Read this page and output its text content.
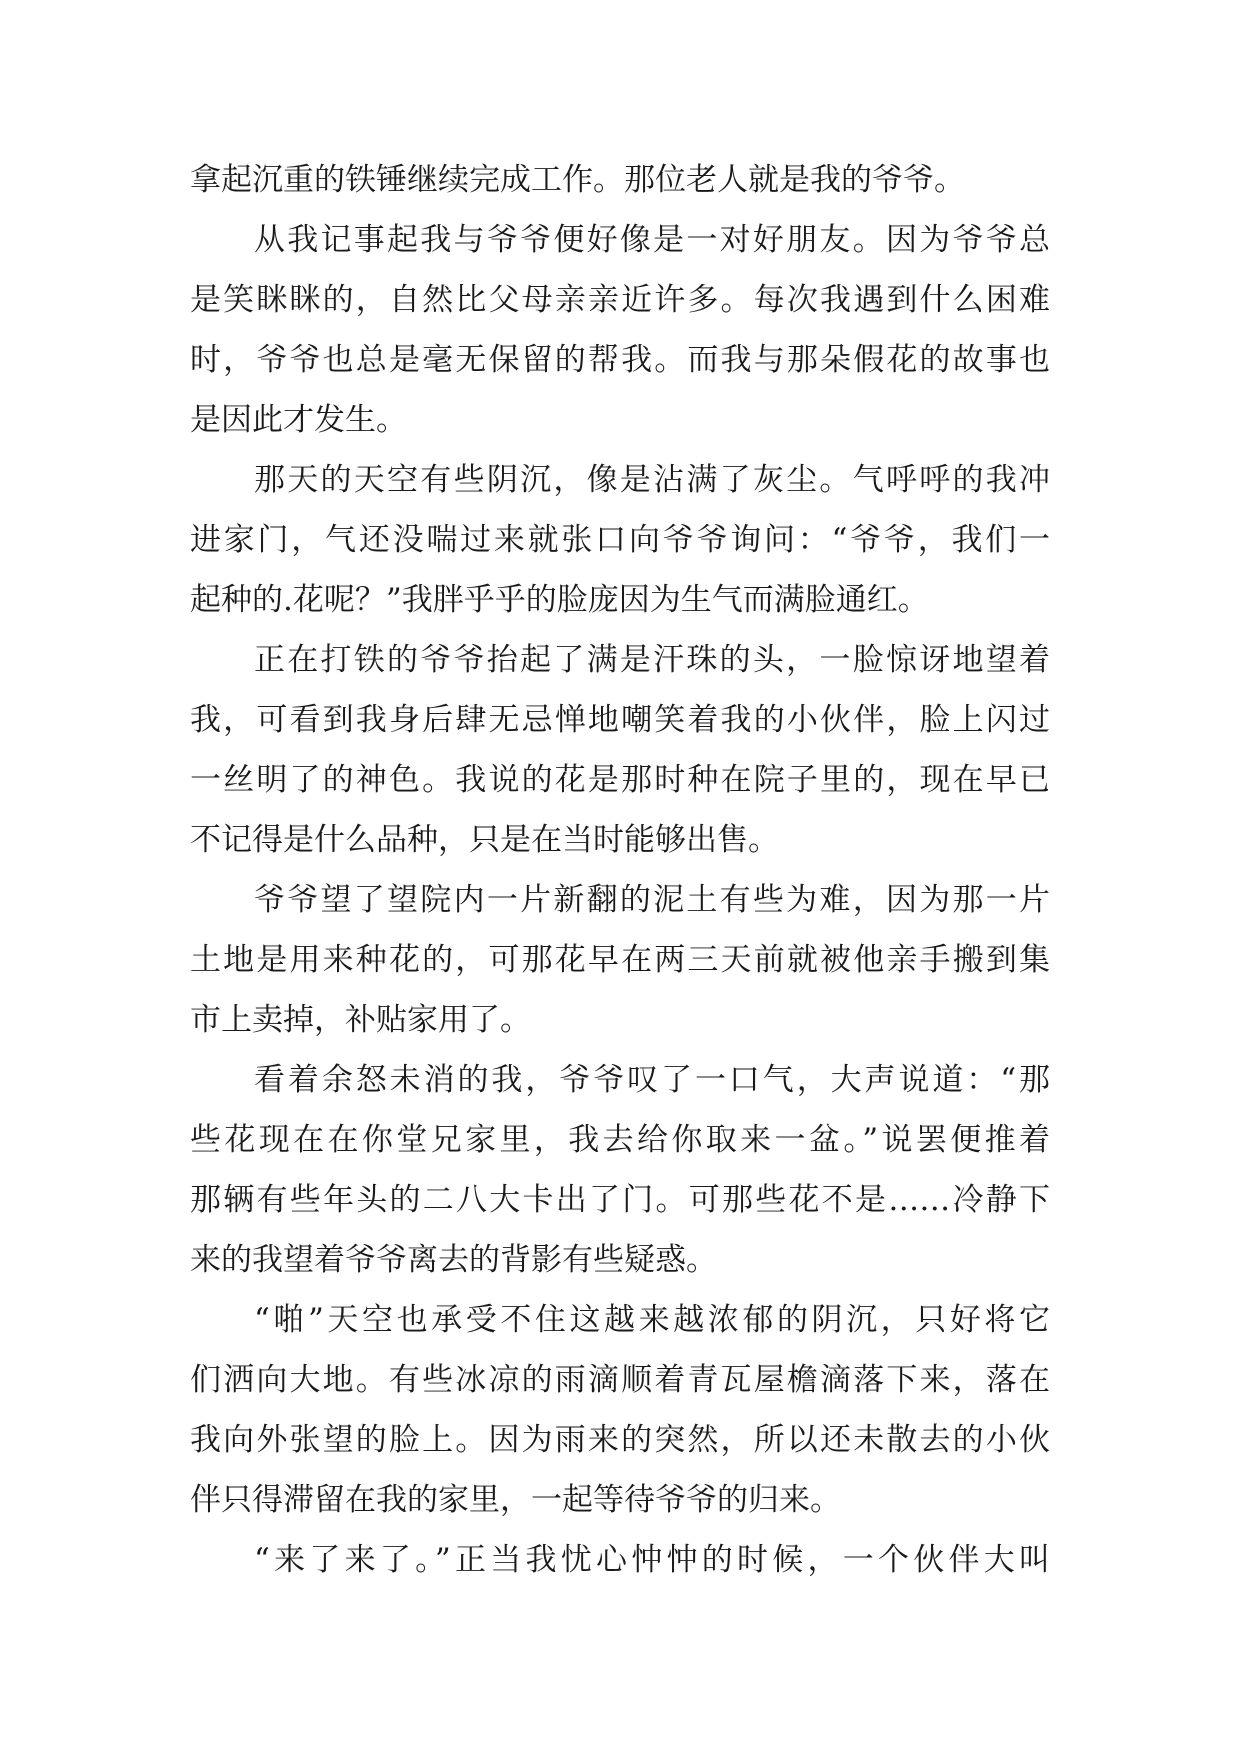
拿起沉重的铁锤继续完成工作。那位老人就是我的爷爷。
从我记事起我与爷爷便好像是一对好朋友。因为爷爷总
是笑眯眯的，自然比父母亲亲近许多。每次我遇到什么困难
时，爷爷也总是毫无保留的帮我。而我与那朵假花的故事也
是因此才发生。
那天的天空有些阴沉，像是沾满了灰尘。气呼呼的我冲
进家门，气还没喘过来就张口向爷爷询问：“爷爷，我们一
起种的.花呢？”我胖乎乎的脸庞因为生气而满脸通红。
正在打铁的爷爷抬起了满是汗珠的头，一脸惊讶地望着
我，可看到我身后肆无忌惮地嘲笑着我的小伙伴，脸上闪过
一丝明了的神色。我说的花是那时种在院子里的，现在早已
不记得是什么品种，只是在当时能够出售。
爷爷望了望院内一片新翻的泥土有些为难，因为那一片
土地是用来种花的，可那花早在两三天前就被他亲手搬到集
市上卖掉，补贴家用了。
看着余怒未消的我，爷爷叹了一口气，大声说道：“那
些花现在在你堂兄家里，我去给你取来一盆。”说罢便推着
那辆有些年头的二八大卡出了门。可那些花不是……冷静下
来的我望着爷爷离去的背影有些疑惑。
“啪”天空也承受不住这越来越浓郁的阴沉，只好将它
们洒向大地。有些冰凉的雨滴顺着青瓦屋檐滴落下来，落在
我向外张望的脸上。因为雨来的突然，所以还未散去的小伙
伴只得滞留在我的家里，一起等待爷爷的归来。
“来了来了。”正当我忧心忡忡的时候，一个伙伴大叫
